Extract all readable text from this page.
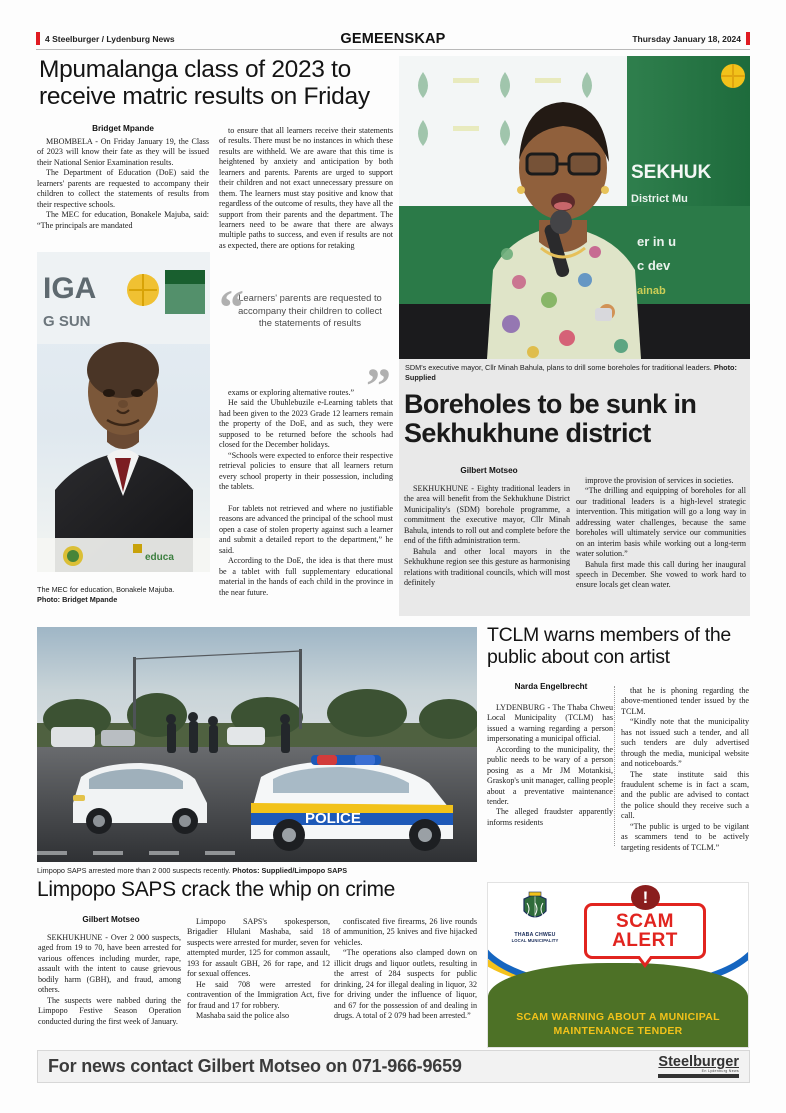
4 Steelburger / Lydenburg News	GEMEENSKAP	Thursday January 18, 2024
Mpumalanga class of 2023 to receive matric results on Friday
Bridget Mpande

MBOMBELA - On Friday January 19, the Class of 2023 will know their fate as they will be issued their National Senior Examination results.

The Department of Education (DoE) said the learners' parents are requested to accompany their children to collect the statements of results from their respective schools.

The MEC for education, Bonakele Majuba, said: “The principals are mandated

to ensure that all learners receive their statements of results. There must be no instances in which these results are withheld. We are aware that this time is heightened by anxiety and anticipation by both learners and parents. Parents are urged to support their children and not exact unnecessary pressure on them. The learners must stay positive and know that regardless of the outcome of results, they have all the support from their parents and the department. The learners need to be aware that there are always multiple paths to success, and even if results are not as expected, there are options for retaking

“
Learners' parents are requested to accompany their children to collect the statements of results
”

exams or exploring alternative routes.”

He said the Ubuhlebuzile e-Learning tablets that had been given to the 2023 Grade 12 learners remain the property of the DoE, and as such, they were supposed to be returned before the schools had closed for the December holidays.

“Schools were expected to enforce their respective retrieval policies to ensure that all learners return every school property in their possession, including the tablets.

For tablets not retrieved and where no justifiable reasons are advanced the principal of the school must open a case of stolen property against such a learner and submit a detailed report to the department,” he said.

According to the DoE, the idea is that there must be a tablet with full supplementary educational material in the hands of each child in the province in the near future.

IGA
G SUN
educa
The MEC for education, Bonakele Majuba.
Photo: Bridget Mpande
SEKHUK
District Mu
er in u
c dev
ainab
SDM's executive mayor, Cllr Minah Bahula, plans to drill some boreholes for traditional leaders. Photo: Supplied
Boreholes to be sunk in Sekhukhune district
Gilbert Motseo

SEKHUKHUNE - Eighty traditional leaders in the area will benefit from the Sekhukhune District Municipality's (SDM) borehole programme, a commitment the executive mayor, Cllr Minah Bahula, intends to roll out and complete before the end of the fifth administration term.

Bahula and other local mayors in the Sekhukhune region see this gesture as harmonising relations with traditional councils, which will most definitely

improve the provision of services in societies.

“The drilling and equipping of boreholes for all our traditional leaders is a high-level strategic intervention. This mitigation will go a long way in addressing water challenges, because the same boreholes will ultimately service our communities on an interim basis while working out a long-term water solution.”

Bahula first made this call during her inaugural speech in December. She vowed to work hard to ensure locals get clean water.

POLICE
Limpopo SAPS arrested more than 2 000 suspects recently. Photos: Supplied/Limpopo SAPS
Limpopo SAPS crack the whip on crime
Gilbert Motseo

SEKHUKHUNE - Over 2 000 suspects, aged from 19 to 70, have been arrested for various offences including murder, rape, assault with the intent to cause grievous bodily harm (GBH), and fraud, among others.

The suspects were nabbed during the Limpopo Festive Season Operation conducted during the first week of January.

Limpopo SAPS's spokesperson, Brigadier Hlulani Mashaba, said 18 suspects were arrested for murder, seven for attempted murder, 125 for common assault, 193 for assault GBH, 26 for rape, and 12 for sexual offences.

He said 708 were arrested for contravention of the Immigration Act, five for fraud and 17 for robbery.

Mashaba said the police also

confiscated five firearms, 26 live rounds of ammunition, 25 knives and five hijacked vehicles.

“The operations also clamped down on illicit drugs and liquor outlets, resulting in the arrest of 284 suspects for public drinking, 24 for illegal dealing in liquor, 32 for driving under the influence of liquor, and 67 for the possession of and dealing in drugs. A total of 2 079 had been arrested.”

TCLM warns members of the public about con artist
Narda Engelbrecht

LYDENBURG - The Thaba Chweu Local Municipality (TCLM) has issued a warning regarding a person impersonating a municipal official.

According to the municipality, the public needs to be wary of a person posing as a Mr JM Motankisi, Graskop's unit manager, calling people about a preventative maintenance tender.

The alleged fraudster apparently informs residents

that he is phoning regarding the above-mentioned tender issued by the TCLM.

“Kindly note that the municipality has not issued such a tender, and all such tenders are duly advertised through the media, municipal website and noticeboards.”

The state institute said this fraudulent scheme is in fact a scam, and the public are advised to contact the police should they receive such a call.

“The public is urged to be vigilant as scammers tend to be actively targeting residents of TCLM.”

THABA CHWEU
LOCAL MUNICIPALITY
!
SCAM
ALERT
SCAM WARNING ABOUT A MUNICIPAL MAINTENANCE TENDER
For news contact Gilbert Motseo on 071-966-9659	Steelburger
En Lydenburg News
